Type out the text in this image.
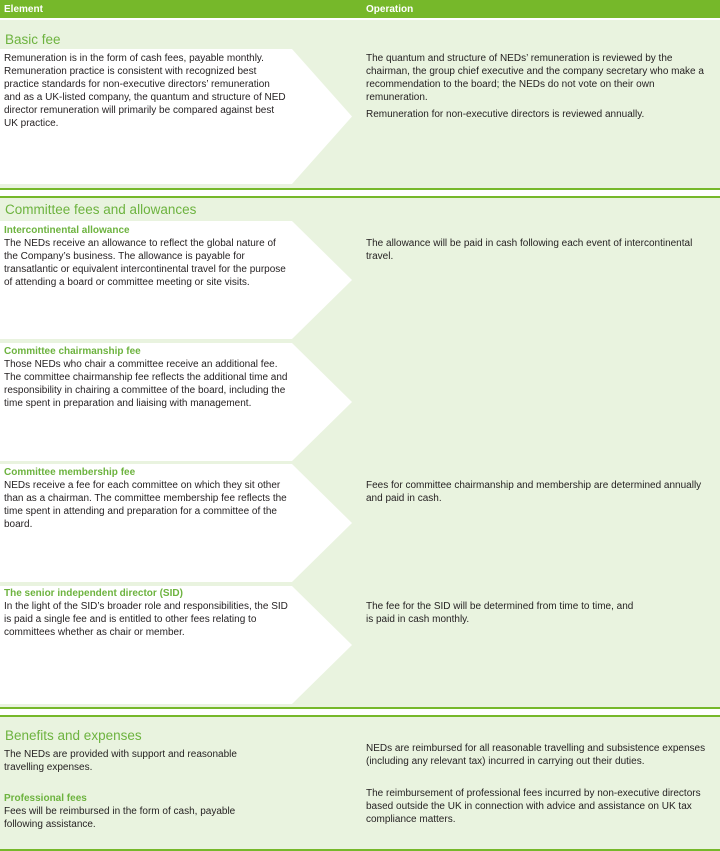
Element	Operation
Basic fee
Remuneration is in the form of cash fees, payable monthly. Remuneration practice is consistent with recognized best practice standards for non-executive directors’ remuneration and as a UK-listed company, the quantum and structure of NED director remuneration will primarily be compared against best UK practice.
The quantum and structure of NEDs’ remuneration is reviewed by the chairman, the group chief executive and the company secretary who make a recommendation to the board; the NEDs do not vote on their own remuneration.
Remuneration for non-executive directors is reviewed annually.
Committee fees and allowances
Intercontinental allowance
The NEDs receive an allowance to reflect the global nature of the Company’s business. The allowance is payable for transatlantic or equivalent intercontinental travel for the purpose of attending a board or committee meeting or site visits.
The allowance will be paid in cash following each event of intercontinental travel.
Committee chairmanship fee
Those NEDs who chair a committee receive an additional fee. The committee chairmanship fee reflects the additional time and responsibility in chairing a committee of the board, including the time spent in preparation and liaising with management.
Committee membership fee
NEDs receive a fee for each committee on which they sit other than as a chairman. The committee membership fee reflects the time spent in attending and preparation for a committee of the board.
Fees for committee chairmanship and membership are determined annually and paid in cash.
The senior independent director (SID)
In the light of the SID’s broader role and responsibilities, the SID is paid a single fee and is entitled to other fees relating to committees whether as chair or member.
The fee for the SID will be determined from time to time, and is paid in cash monthly.
Benefits and expenses
The NEDs are provided with support and reasonable travelling expenses.
NEDs are reimbursed for all reasonable travelling and subsistence expenses (including any relevant tax) incurred in carrying out their duties.
Professional fees
Fees will be reimbursed in the form of cash, payable following assistance.
The reimbursement of professional fees incurred by non-executive directors based outside the UK in connection with advice and assistance on UK tax compliance matters.
